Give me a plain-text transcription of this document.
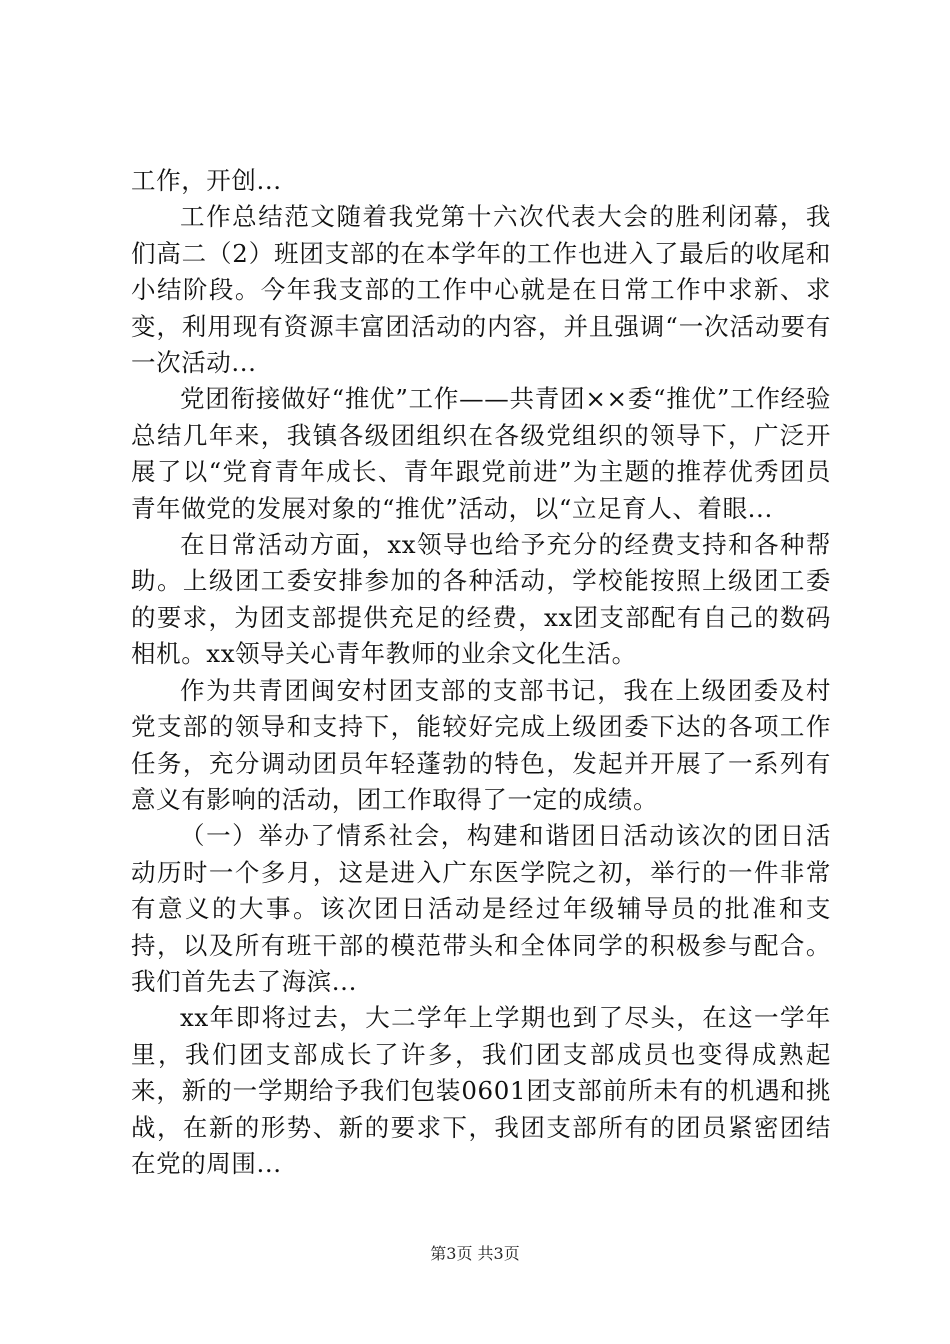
工作，开创...

工作总结范文随着我党第十六次代表大会的胜利闭幕，我们高二（2）班团支部的在本学年的工作也进入了最后的收尾和小结阶段。今年我支部的工作中心就是在日常工作中求新、求变，利用现有资源丰富团活动的内容，并且强调“一次活动要有一次活动...

党团衔接做好“推优”工作——共青团××委“推优”工作经验总结几年来，我镇各级团组织在各级党组织的领导下，广泛开展了以“党育青年成长、青年跟党前进”为主题的推荐优秀团员青年做党的发展对象的“推优”活动，以“立足育人、着眼...

在日常活动方面，xx领导也给予充分的经费支持和各种帮助。上级团工委安排参加的各种活动，学校能按照上级团工委的要求，为团支部提供充足的经费，xx团支部配有自己的数码相机。xx领导关心青年教师的业余文化生活。

作为共青团闽安村团支部的支部书记，我在上级团委及村党支部的领导和支持下，能较好完成上级团委下达的各项工作任务，充分调动团员年轻蓬勃的特色，发起并开展了一系列有意义有影响的活动，团工作取得了一定的成绩。

（一）举办了情系社会，构建和谐团日活动该次的团日活动历时一个多月，这是进入广东医学院之初，举行的一件非常有意义的大事。该次团日活动是经过年级辅导员的批准和支持，以及所有班干部的模范带头和全体同学的积极参与配合。我们首先去了海滨...

xx年即将过去，大二学年上学期也到了尽头，在这一学年里，我们团支部成长了许多，我们团支部成员也变得成熟起来，新的一学期给予我们包装0601团支部前所未有的机遇和挑战，在新的形势、新的要求下，我团支部所有的团员紧密团结在党的周围...

第3页 共3页
